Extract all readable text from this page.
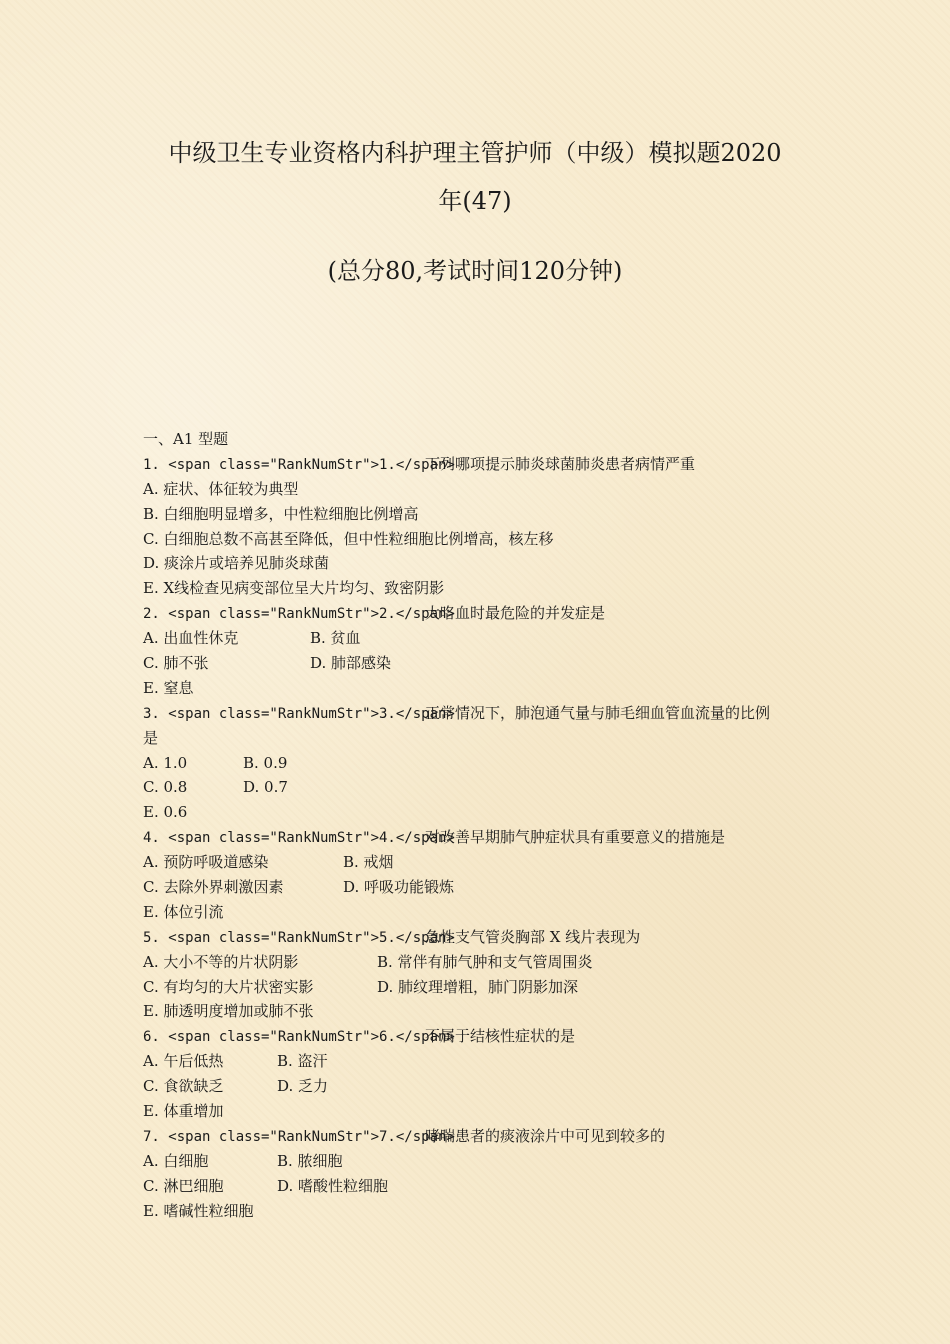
中级卫生专业资格内科护理主管护师（中级）模拟题2020
年(47)
(总分80,考试时间120分钟)
一、A1 型题
1. <span class="RankNumStr">1.</span>
下列哪项提示肺炎球菌肺炎患者病情严重
A. 症状、体征较为典型
B. 白细胞明显增多，中性粒细胞比例增高
C. 白细胞总数不高甚至降低，但中性粒细胞比例增高，核左移
D. 痰涂片或培养见肺炎球菌
E. X线检查见病变部位呈大片均匀、致密阴影
2. <span class="RankNumStr">2.</span>
大咯血时最危险的并发症是
A. 出血性休克	B. 贫血
C. 肺不张	D. 肺部感染
E. 窒息
3. <span class="RankNumStr">3.</span>
正常情况下，肺泡通气量与肺毛细血管血流量的比例
是
A. 1.0	B. 0.9
C. 0.8	D. 0.7
E. 0.6
4. <span class="RankNumStr">4.</span>
对改善早期肺气肿症状具有重要意义的措施是
A. 预防呼吸道感染	B. 戒烟
C. 去除外界刺激因素	D. 呼吸功能锻炼
E. 体位引流
5. <span class="RankNumStr">5.</span>
急性支气管炎胸部 X 线片表现为
A. 大小不等的片状阴影	B. 常伴有肺气肿和支气管周围炎
C. 有均匀的大片状密实影	D. 肺纹理增粗，肺门阴影加深
E. 肺透明度增加或肺不张
6. <span class="RankNumStr">6.</span>
不属于结核性症状的是
A. 午后低热	B. 盗汗
C. 食欲缺乏	D. 乏力
E. 体重增加
7. <span class="RankNumStr">7.</span>
哮喘患者的痰液涂片中可见到较多的
A. 白细胞	B. 脓细胞
C. 淋巴细胞	D. 嗜酸性粒细胞
E. 嗜碱性粒细胞
